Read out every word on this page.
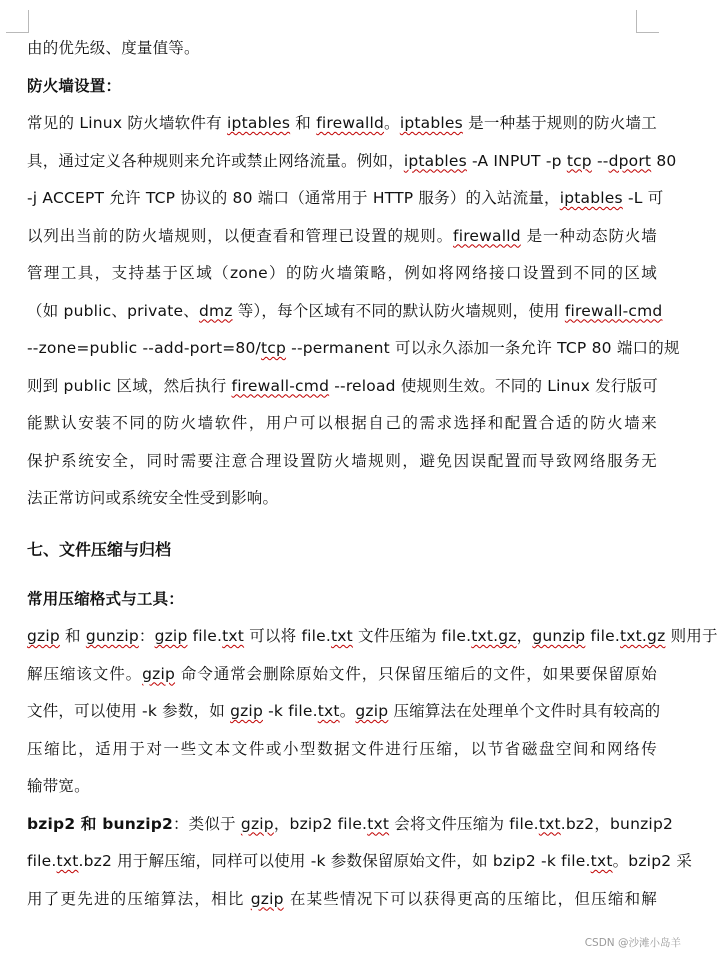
由的优先级、度量值等。
防火墙设置：
常见的 Linux 防火墙软件有 iptables 和 firewalld。iptables 是一种基于规则的防火墙工
具，通过定义各种规则来允许或禁止网络流量。例如，iptables -A INPUT -p tcp --dport 80
-j ACCEPT 允许 TCP 协议的 80 端口（通常用于 HTTP 服务）的入站流量，iptables -L 可
以列出当前的防火墙规则，以便查看和管理已设置的规则。firewalld 是一种动态防火墙
管理工具，支持基于区域（zone）的防火墙策略，例如将网络接口设置到不同的区域
（如 public、private、dmz 等），每个区域有不同的默认防火墙规则，使用 firewall-cmd
--zone=public --add-port=80/tcp --permanent 可以永久添加一条允许 TCP 80 端口的规
则到 public 区域，然后执行 firewall-cmd --reload 使规则生效。不同的 Linux 发行版可
能默认安装不同的防火墙软件，用户可以根据自己的需求选择和配置合适的防火墙来
保护系统安全，同时需要注意合理设置防火墙规则，避免因误配置而导致网络服务无
法正常访问或系统安全性受到影响。
七、文件压缩与归档
常用压缩格式与工具：
gzip 和 gunzip：gzip file.txt 可以将 file.txt 文件压缩为 file.txt.gz，gunzip file.txt.gz 则用于
解压缩该文件。gzip 命令通常会删除原始文件，只保留压缩后的文件，如果要保留原始
文件，可以使用 -k 参数，如 gzip -k file.txt。gzip 压缩算法在处理单个文件时具有较高的
压缩比，适用于对一些文本文件或小型数据文件进行压缩，以节省磁盘空间和网络传
输带宽。
bzip2 和 bunzip2：类似于 gzip，bzip2 file.txt 会将文件压缩为 file.txt.bz2，bunzip2
file.txt.bz2 用于解压缩，同样可以使用 -k 参数保留原始文件，如 bzip2 -k file.txt。bzip2 采
用了更先进的压缩算法，相比 gzip 在某些情况下可以获得更高的压缩比，但压缩和解
CSDN @沙滩小岛羊
